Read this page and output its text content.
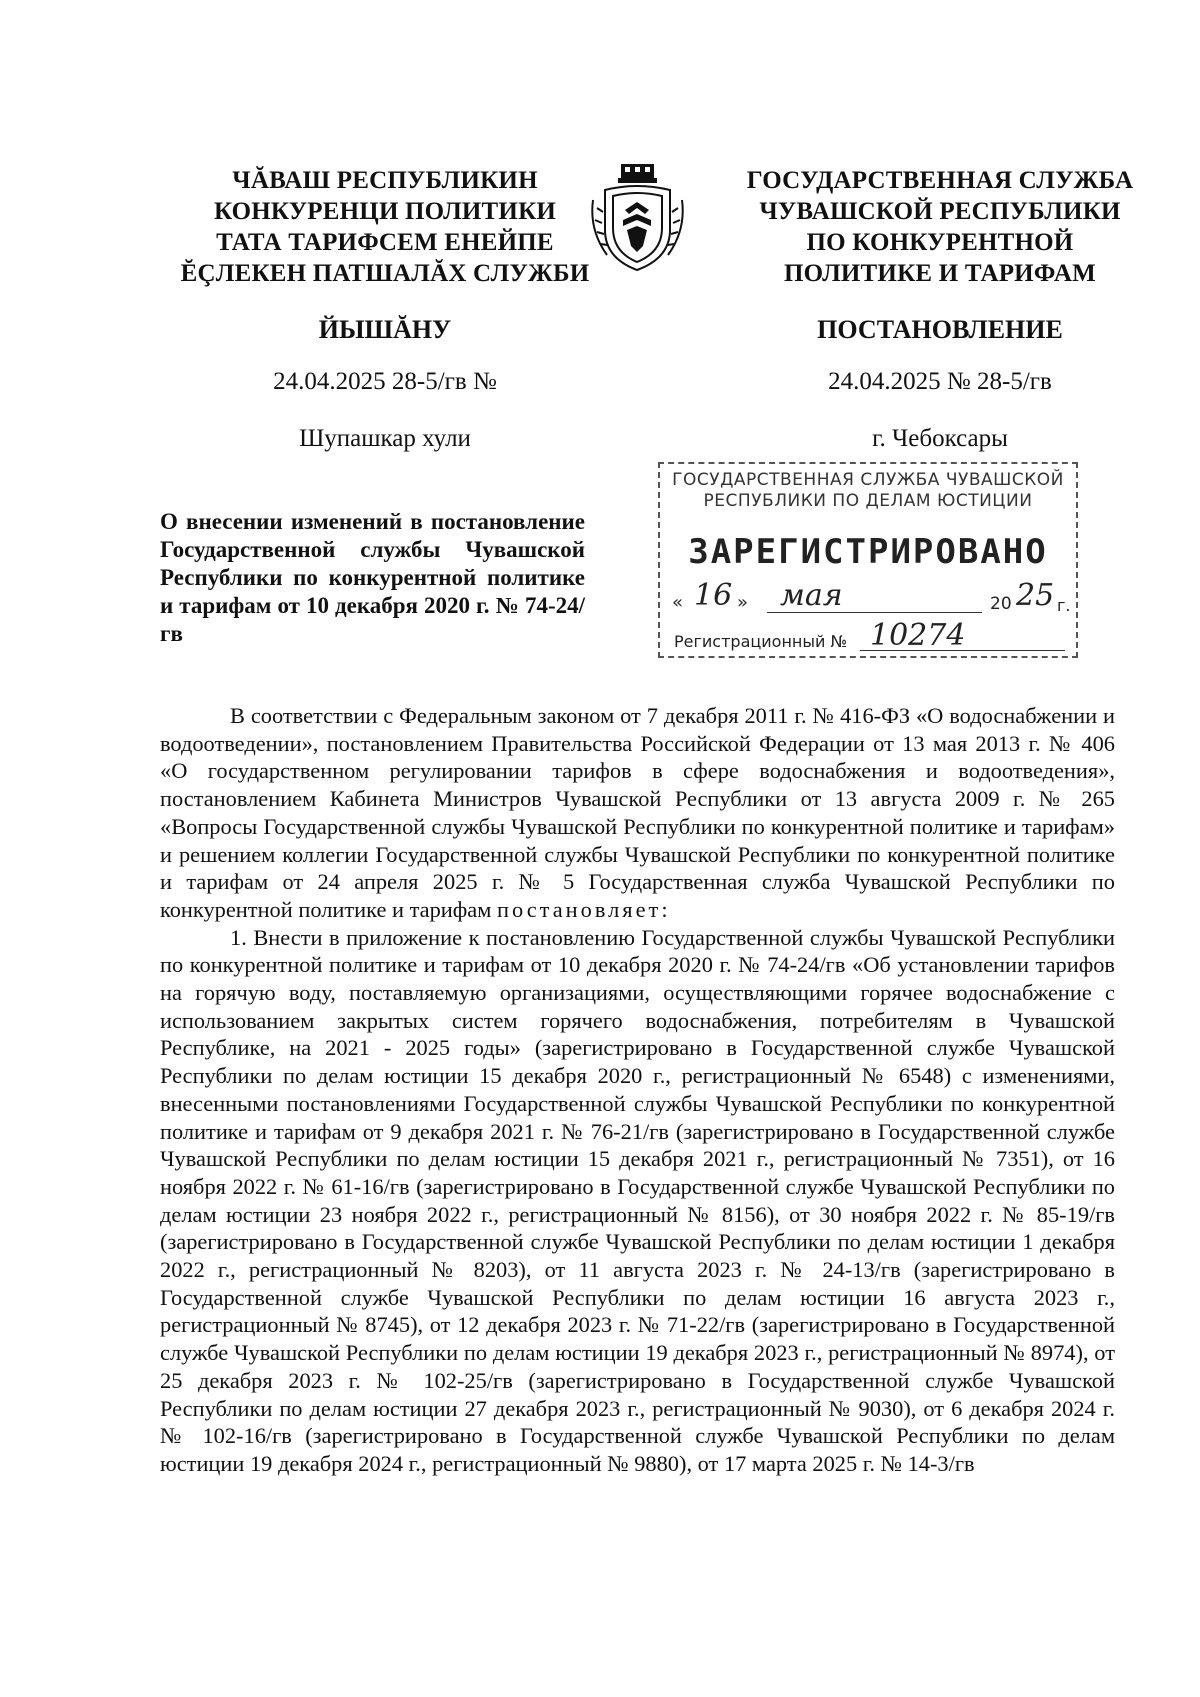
ЧĂВАШ РЕСПУБЛИКИН
КОНКУРЕНЦИ ПОЛИТИКИ
ТАТА ТАРИФСЕМ ЕНЕЙПЕ
ĔÇЛЕКЕН ПАТШАЛĂХ СЛУЖБИ
ГОСУДАРСТВЕННАЯ СЛУЖБА
ЧУВАШСКОЙ РЕСПУБЛИКИ
ПО КОНКУРЕНТНОЙ
ПОЛИТИКЕ И ТАРИФАМ
ЙЫШĂНУ	ПОСТАНОВЛЕНИЕ
24.04.2025 28-5/гв №	24.04.2025 № 28-5/гв
Шупашкар хули	г. Чебоксары
ГОСУДАРСТВЕННАЯ СЛУЖБА ЧУВАШСКОЙ
РЕСПУБЛИКИ ПО ДЕЛАМ ЮСТИЦИИ
ЗАРЕГИСТРИРОВАНО
« 16 » мая	20 25 г.
Регистрационный № 10274
О внесении изменений в постановление Государственной службы Чувашской Республики по конкурентной политике и тарифам от 10 декабря 2020 г. № 74-24/гв

В соответствии с Федеральным законом от 7 декабря 2011 г. № 416-ФЗ «О водоснабжении и водоотведении», постановлением Правительства Российской Федерации от 13 мая 2013 г. № 406 «О государственном регулировании тарифов в сфере водоснабжения и водоотведения», постановлением Кабинета Министров Чувашской Республики от 13 августа 2009 г. № 265 «Вопросы Государственной службы Чувашской Республики по конкурентной политике и тарифам» и решением коллегии Государственной службы Чувашской Республики по конкурентной политике и тарифам от 24 апреля 2025 г. № 5 Государственная служба Чувашской Республики по конкурентной политике и тарифам постановляет:

1. Внести в приложение к постановлению Государственной службы Чувашской Республики по конкурентной политике и тарифам от 10 декабря 2020 г. № 74-24/гв «Об установлении тарифов на горячую воду, поставляемую организациями, осуществляющими горячее водоснабжение с использованием закрытых систем горячего водоснабжения, потребителям в Чувашской Республике, на 2021 - 2025 годы» (зарегистрировано в Государственной службе Чувашской Республики по делам юстиции 15 декабря 2020 г., регистрационный № 6548) с изменениями, внесенными постановлениями Государственной службы Чувашской Республики по конкурентной политике и тарифам от 9 декабря 2021 г. № 76-21/гв (зарегистрировано в Государственной службе Чувашской Республики по делам юстиции 15 декабря 2021 г., регистрационный № 7351), от 16 ноября 2022 г. № 61-16/гв (зарегистрировано в Государственной службе Чувашской Республики по делам юстиции 23 ноября 2022 г., регистрационный № 8156), от 30 ноября 2022 г. № 85-19/гв (зарегистрировано в Государственной службе Чувашской Республики по делам юстиции 1 декабря 2022 г., регистрационный № 8203), от 11 августа 2023 г. № 24-13/гв (зарегистрировано в Государственной службе Чувашской Республики по делам юстиции 16 августа 2023 г., регистрационный № 8745), от 12 декабря 2023 г. № 71-22/гв (зарегистрировано в Государственной службе Чувашской Республики по делам юстиции 19 декабря 2023 г., регистрационный № 8974), от 25 декабря 2023 г. № 102-25/гв (зарегистрировано в Государственной службе Чувашской Республики по делам юстиции 27 декабря 2023 г., регистрационный № 9030), от 6 декабря 2024 г. № 102-16/гв (зарегистрировано в Государственной службе Чувашской Республики по делам юстиции 19 декабря 2024 г., регистрационный № 9880), от 17 марта 2025 г. № 14-3/гв
